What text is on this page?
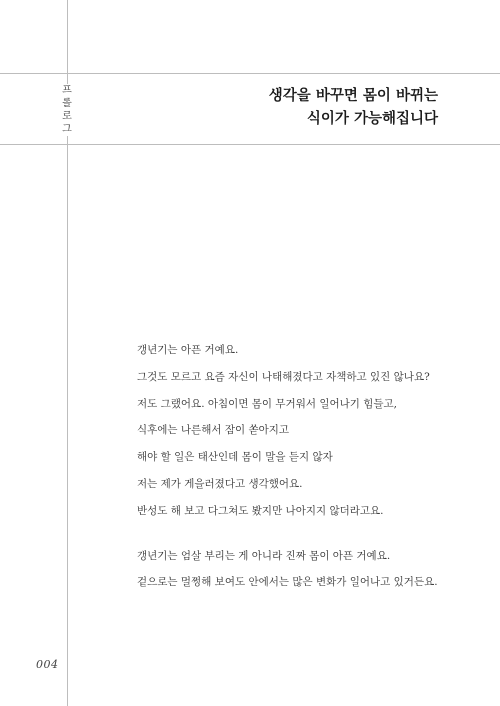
프
롤
로
그
생각을 바꾸면 몸이 바뀌는
식이가 가능해집니다

갱년기는 아픈 거예요.

그것도 모르고 요즘 자신이 나태해졌다고 자책하고 있진 않나요?

저도 그랬어요. 아침이면 몸이 무거워서 일어나기 힘들고,

식후에는 나른해서 잠이 쏟아지고

해야 할 일은 태산인데 몸이 말을 듣지 않자

저는 제가 게을러졌다고 생각했어요.

반성도 해 보고 다그쳐도 봤지만 나아지지 않더라고요.

갱년기는 엄살 부리는 게 아니라 진짜 몸이 아픈 거예요.

겉으로는 멀쩡해 보여도 안에서는 많은 변화가 일어나고 있거든요.

004
